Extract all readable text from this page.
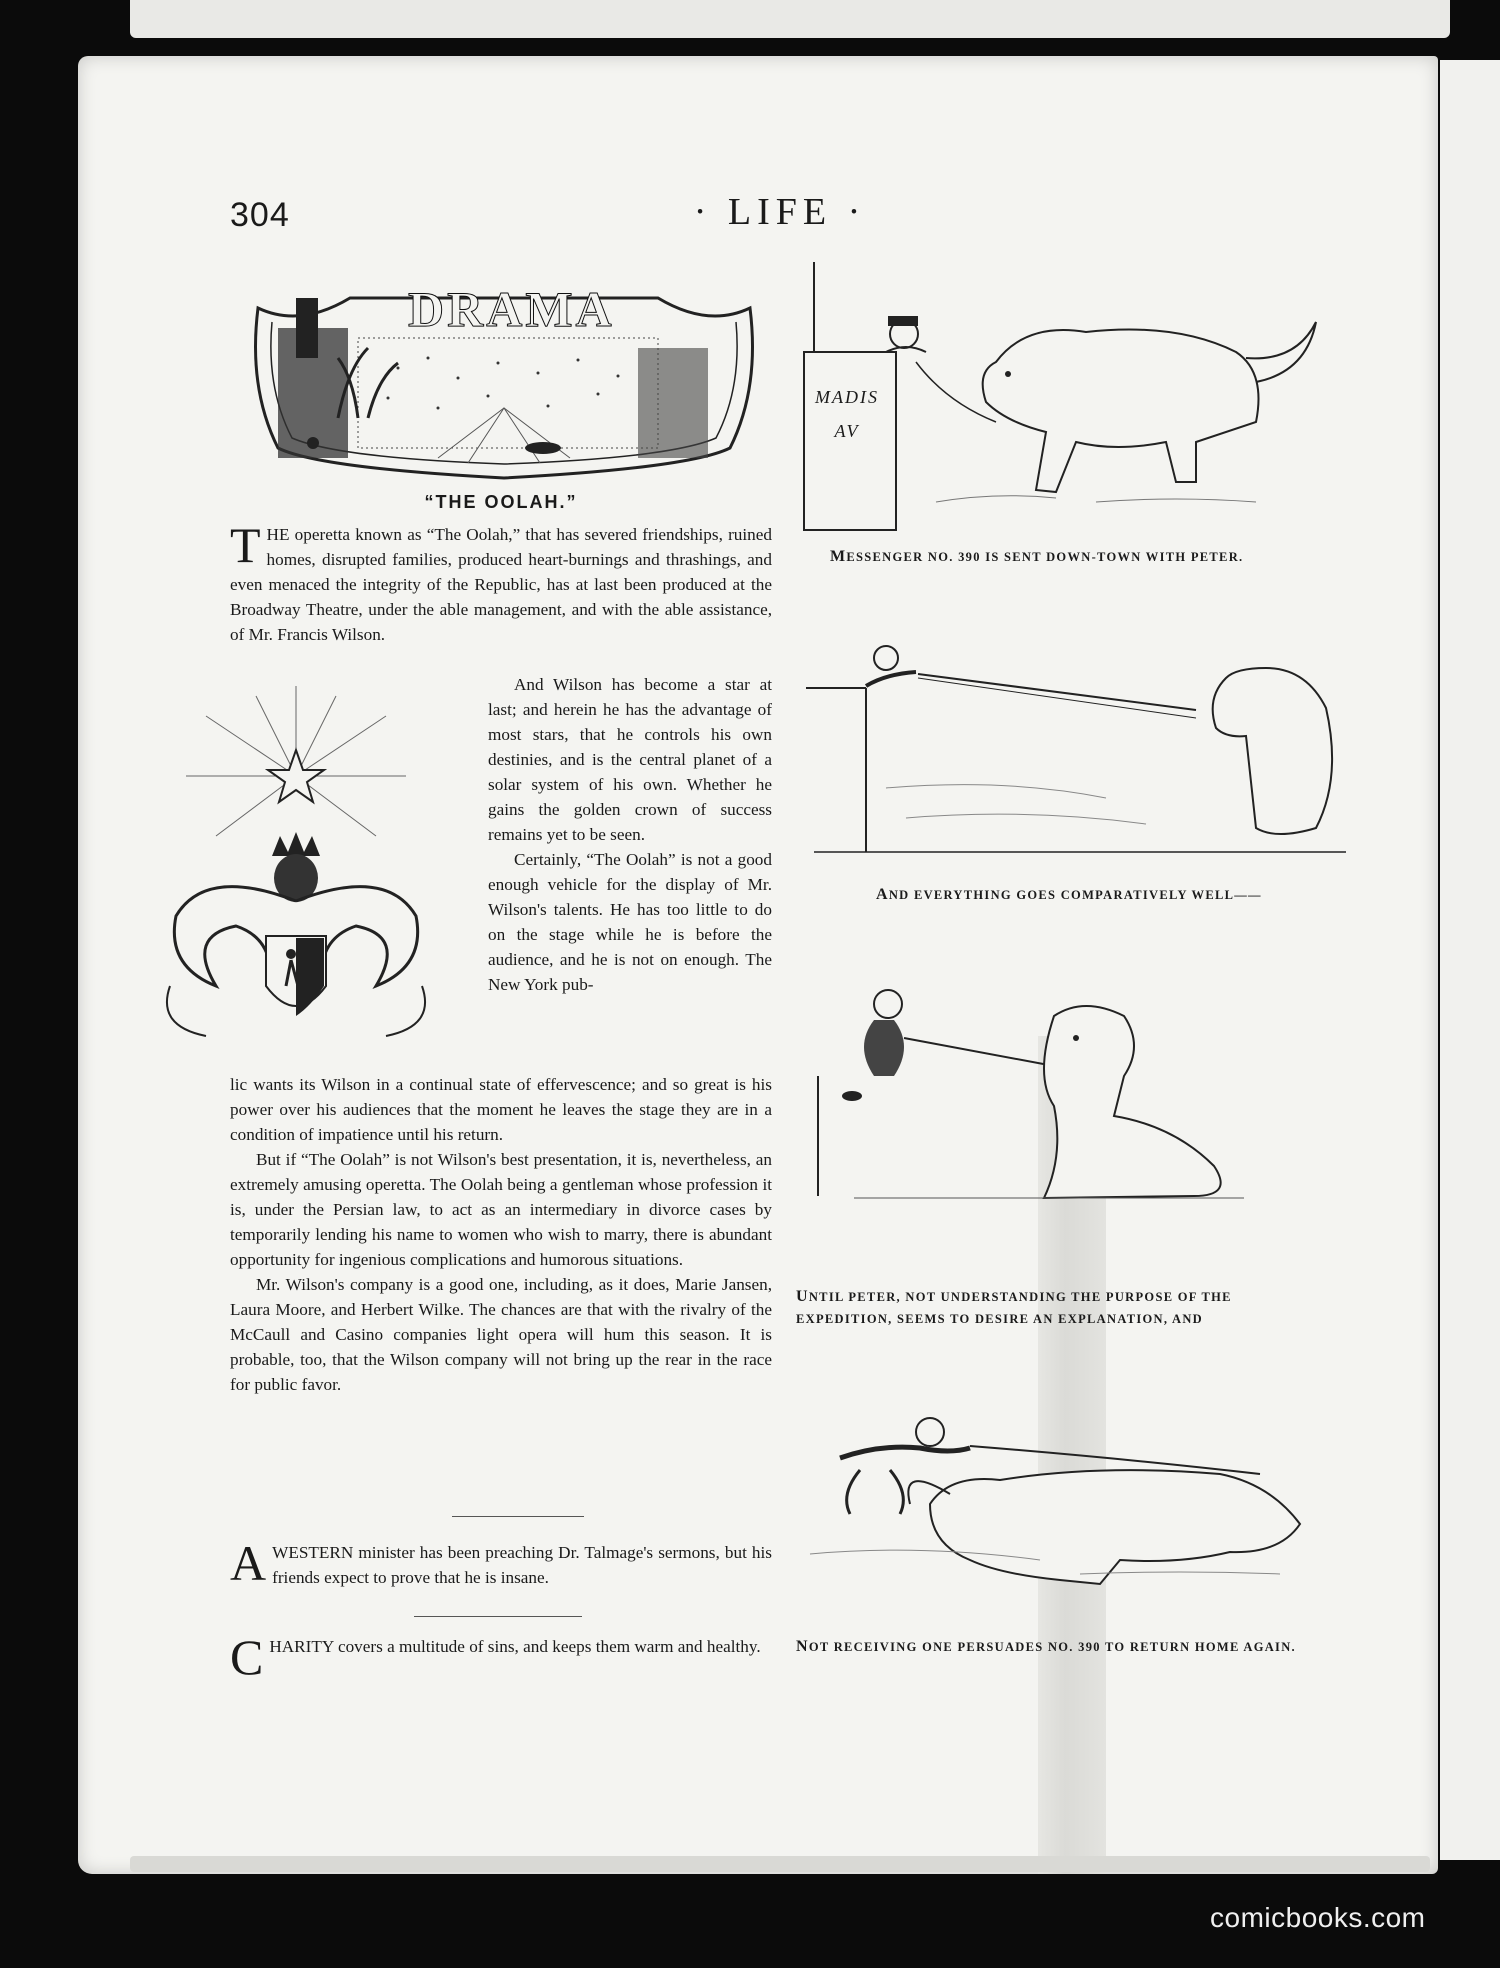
304	· LIFE ·
DRAMA
“THE OOLAH.”

THE operetta known as “The Oolah,” that has severed friendships, ruined homes, disrupted families, produced heart-burnings and thrashings, and even menaced the integrity of the Republic, has at last been produced at the Broadway Theatre, under the able management, and with the able assistance, of Mr. Francis Wilson.

And Wilson has become a star at last; and herein he has the advantage of most stars, that he controls his own destinies, and is the central planet of a solar system of his own. Whether he gains the golden crown of success remains yet to be seen.

Certainly, “The Oolah” is not a good enough vehicle for the display of Mr. Wilson's talents. He has too little to do on the stage while he is before the audience, and he is not on enough. The New York pub-

lic wants its Wilson in a continual state of effervescence; and so great is his power over his audiences that the moment he leaves the stage they are in a condition of impatience until his return.

But if “The Oolah” is not Wilson's best presentation, it is, nevertheless, an extremely amusing operetta. The Oolah being a gentleman whose profession it is, under the Persian law, to act as an intermediary in divorce cases by temporarily lending his name to women who wish to marry, there is abundant opportunity for ingenious complications and humorous situations.

Mr. Wilson's company is a good one, including, as it does, Marie Jansen, Laura Moore, and Herbert Wilke. The chances are that with the rivalry of the McCaull and Casino companies light opera will hum this season. It is probable, too, that the Wilson company will not bring up the rear in the race for public favor.

AWESTERN minister has been preaching Dr. Talmage's sermons, but his friends expect to prove that he is insane.

CHARITY covers a multitude of sins, and keeps them warm and healthy.

MADIS AV
MESSENGER NO. 390 IS SENT DOWN-TOWN WITH PETER.
AND EVERYTHING GOES COMPARATIVELY WELL——
UNTIL PETER, NOT UNDERSTANDING THE PURPOSE OF THE EXPEDITION, SEEMS TO DESIRE AN EXPLANATION, AND
NOT RECEIVING ONE PERSUADES NO. 390 TO RETURN HOME AGAIN.
comicbooks.com
